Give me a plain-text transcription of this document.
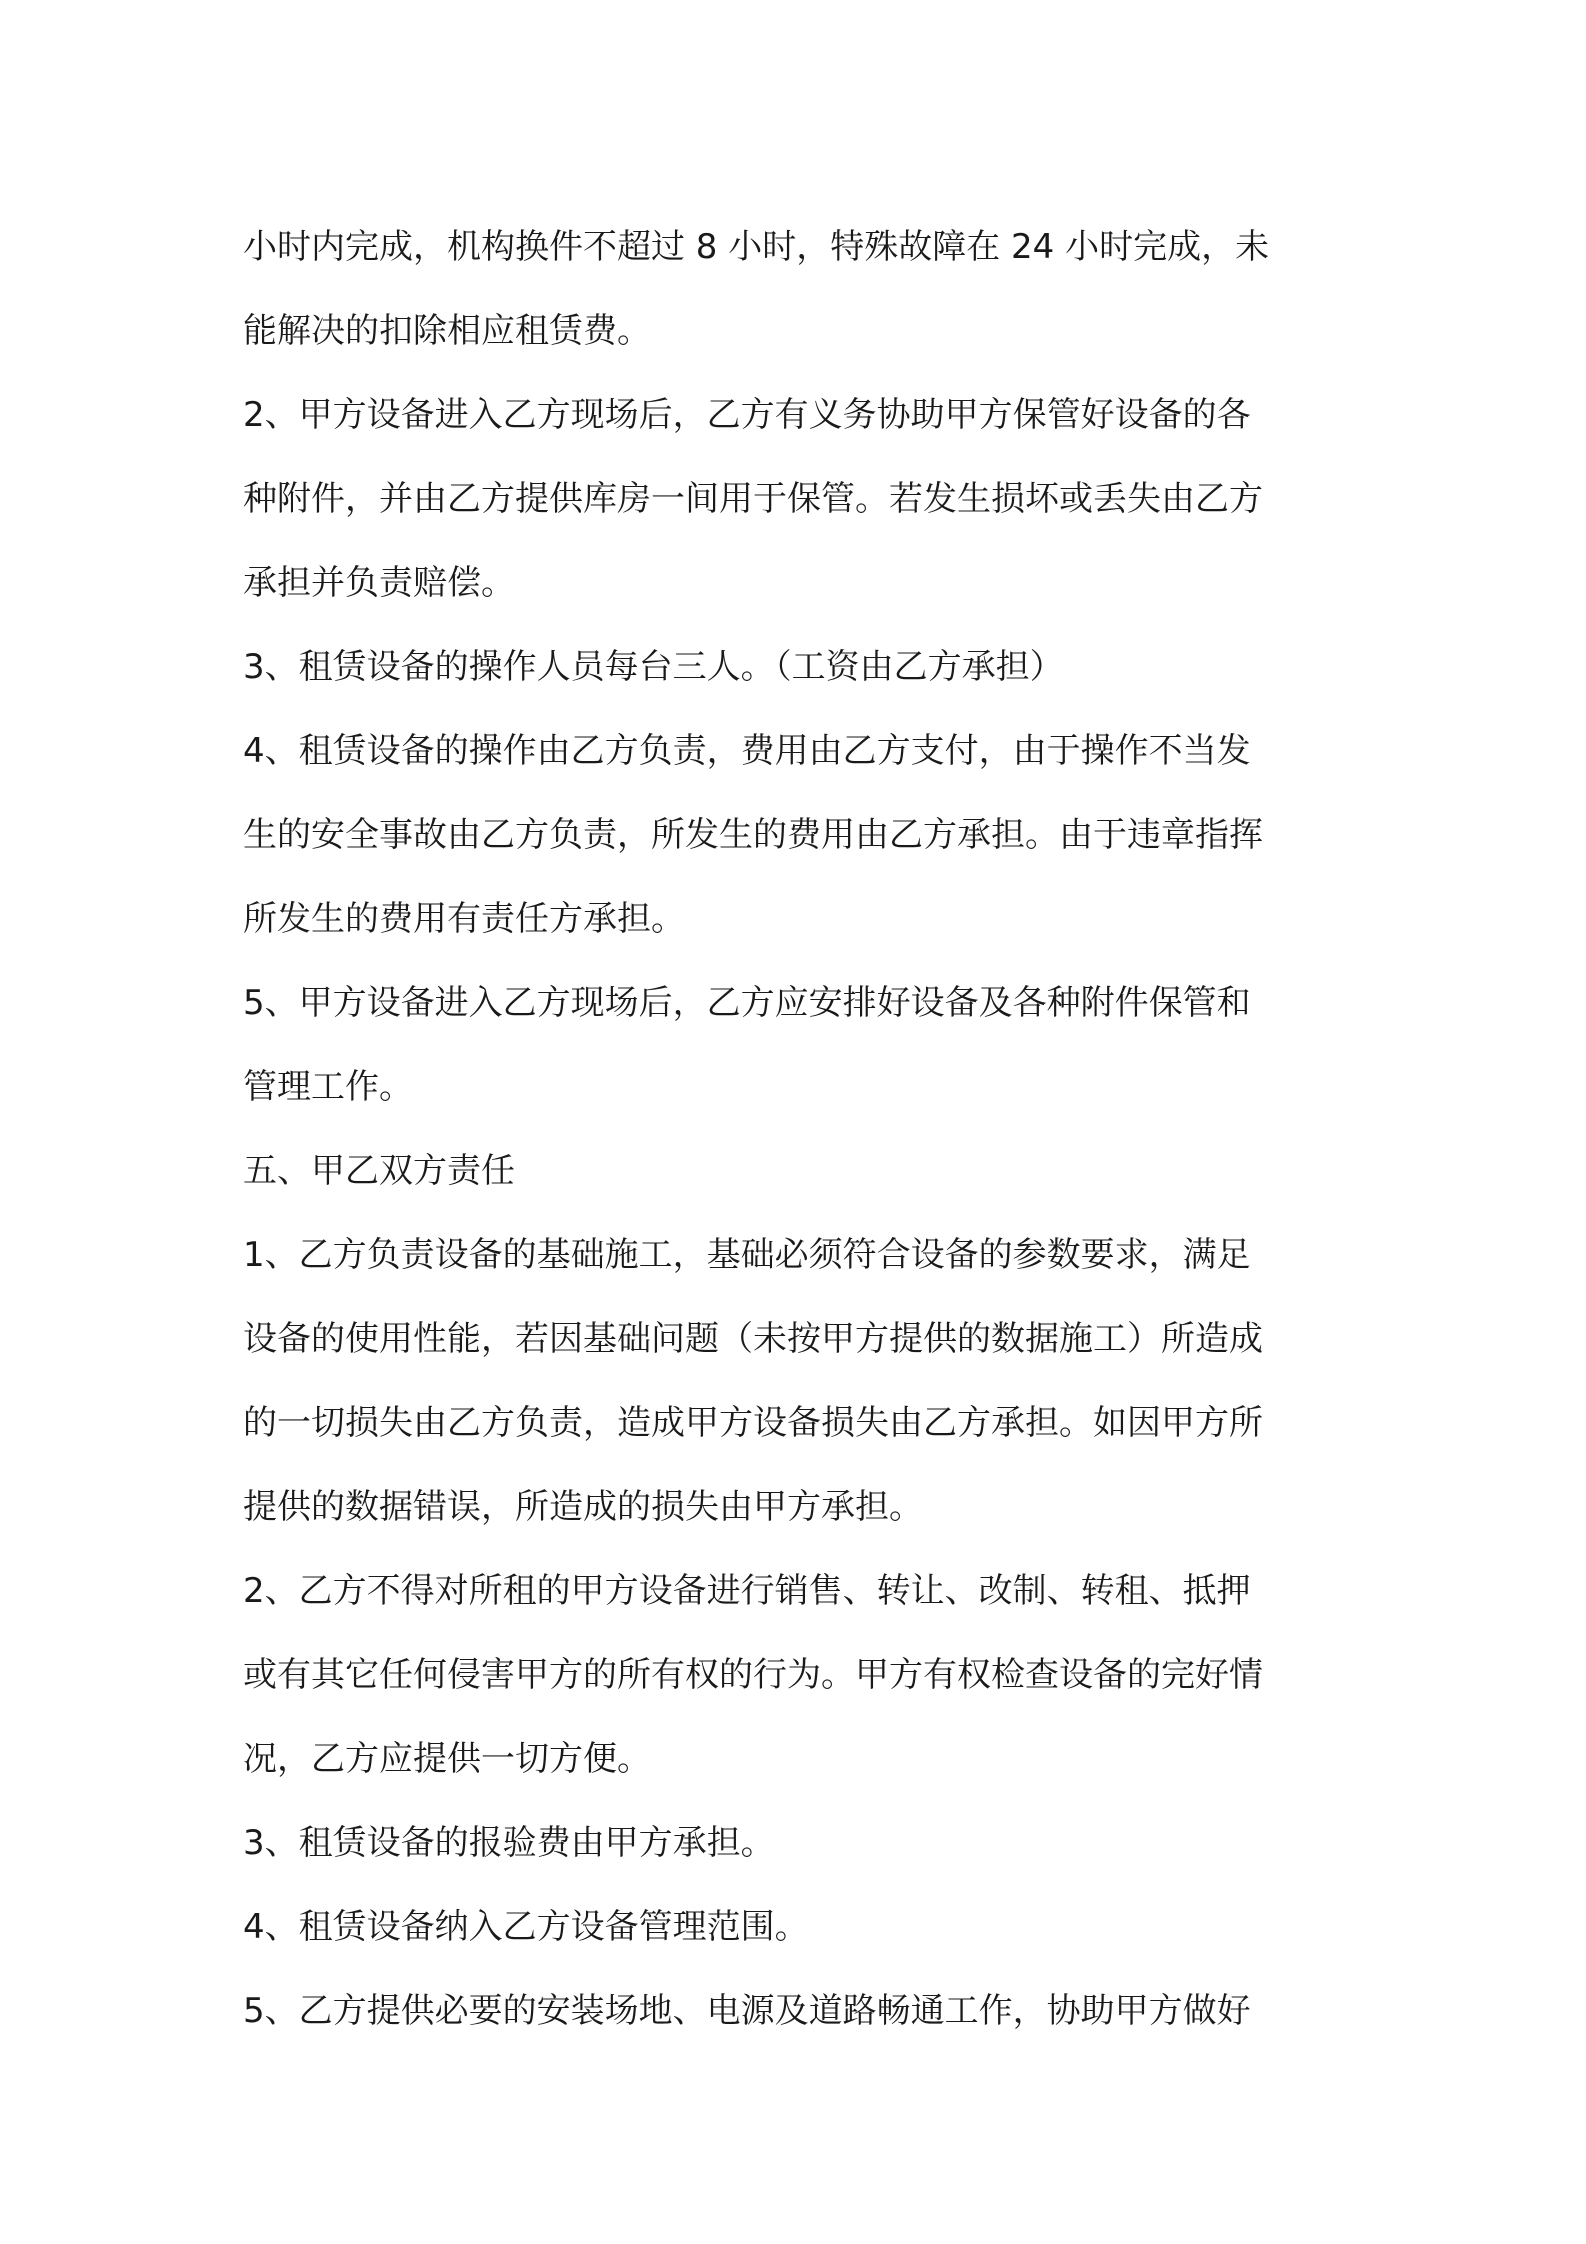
小时内完成，机构换件不超过 8 小时，特殊故障在 24 小时完成，未
能解决的扣除相应租赁费。
2、甲方设备进入乙方现场后，乙方有义务协助甲方保管好设备的各
种附件，并由乙方提供库房一间用于保管。若发生损坏或丢失由乙方
承担并负责赔偿。
3、租赁设备的操作人员每台三人。（工资由乙方承担）
4、租赁设备的操作由乙方负责，费用由乙方支付，由于操作不当发
生的安全事故由乙方负责，所发生的费用由乙方承担。由于违章指挥
所发生的费用有责任方承担。
5、甲方设备进入乙方现场后，乙方应安排好设备及各种附件保管和
管理工作。
五、甲乙双方责任
1、乙方负责设备的基础施工，基础必须符合设备的参数要求，满足
设备的使用性能，若因基础问题（未按甲方提供的数据施工）所造成
的一切损失由乙方负责，造成甲方设备损失由乙方承担。如因甲方所
提供的数据错误，所造成的损失由甲方承担。
2、乙方不得对所租的甲方设备进行销售、转让、改制、转租、抵押
或有其它任何侵害甲方的所有权的行为。甲方有权检查设备的完好情
况，乙方应提供一切方便。
3、租赁设备的报验费由甲方承担。
4、租赁设备纳入乙方设备管理范围。
5、乙方提供必要的安装场地、电源及道路畅通工作，协助甲方做好
